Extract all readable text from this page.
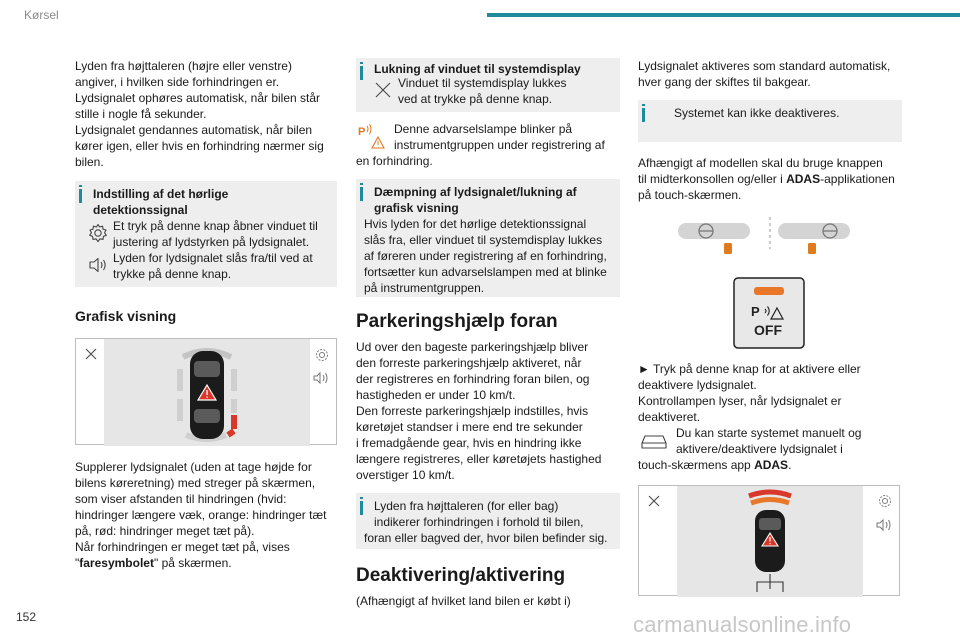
Kørsel
Lyden fra højttaleren (højre eller venstre)
angiver, i hvilken side forhindringen er.
Lydsignalet ophøres automatisk, når bilen står
stille i nogle få sekunder.
Lydsignalet gendannes automatisk, når bilen
kører igen, eller hvis en forhindring nærmer sig
bilen.
Indstilling af det hørlige
detektionssignal
Et tryk på denne knap åbner vinduet til
justering af lydstyrken på lydsignalet.
Lyden for lydsignalet slås fra/til ved at
trykke på denne knap.
Grafisk visning
Supplerer lydsignalet (uden at tage højde for
bilens køreretning) med streger på skærmen,
som viser afstanden til hindringen (hvid:
hindringer længere væk, orange: hindringer tæt
på, rød: hindringer meget tæt på).
Når forhindringen er meget tæt på, vises
"faresymbolet" på skærmen.
Lukning af vinduet til systemdisplay
Vinduet til systemdisplay lukkes
ved at trykke på denne knap.
P	Denne advarselslampe blinker på
instrumentgruppen under registrering af
en forhindring.
Dæmpning af lydsignalet/lukning af
grafisk visning
Hvis lyden for det hørlige detektionssignal
slås fra, eller vinduet til systemdisplay lukkes
af føreren under registrering af en forhindring,
fortsætter kun advarselslampen med at blinke
på instrumentgruppen.
Parkeringshjælp foran
Ud over den bageste parkeringshjælp bliver
den forreste parkeringshjælp aktiveret, når
der registreres en forhindring foran bilen, og
hastigheden er under 10 km/t.
Den forreste parkeringshjælp indstilles, hvis
køretøjet standser i mere end tre sekunder
i fremadgående gear, hvis en hindring ikke
længere registreres, eller køretøjets hastighed
overstiger 10 km/t.
Lyden fra højttaleren (for eller bag)
indikerer forhindringen i forhold til bilen,
foran eller bagved der, hvor bilen befinder sig.
Deaktivering/aktivering
(Afhængigt af hvilket land bilen er købt i)
Lydsignalet aktiveres som standard automatisk,
hver gang der skiftes til bakgear.
Systemet kan ikke deaktiveres.
Afhængigt af modellen skal du bruge knappen
til midterkonsollen og/eller i ADAS-applikationen
på touch-skærmen.
P
OFF
► Tryk på denne knap for at aktivere eller
deaktivere lydsignalet.
Kontrollampen lyser, når lydsignalet er
deaktiveret.
Du kan starte systemet manuelt og
aktivere/deaktivere lydsignalet i
touch-skærmens app ADAS.
152	carmanualsonline.info
